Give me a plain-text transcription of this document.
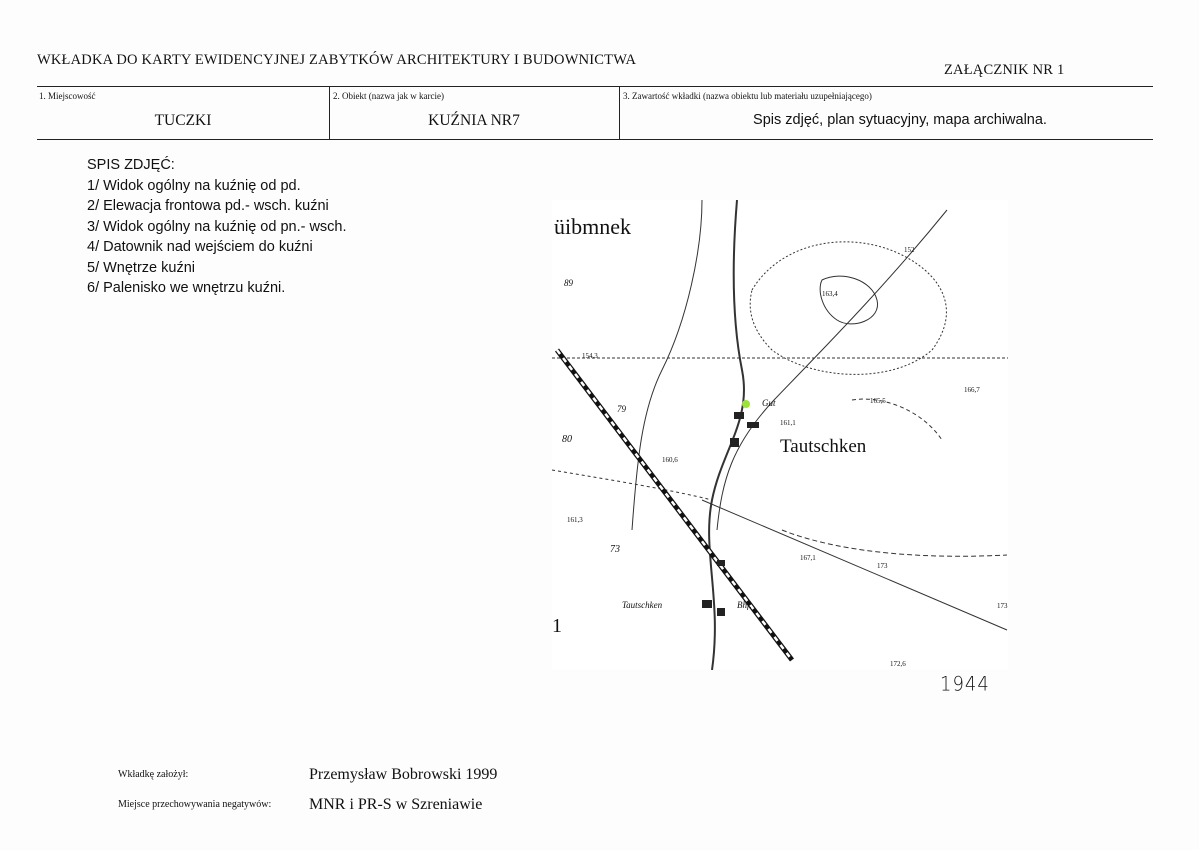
WKŁADKA DO KARTY EWIDENCYJNEJ ZABYTKÓW ARCHITEKTURY I BUDOWNICTWA
ZAŁĄCZNIK NR 1
1. Miejscowość	2. Obiekt (nazwa jak w karcie)	3. Zawartość wkładki (nazwa obiektu lub materiału uzupełniającego)
TUCZKI	KUŹNIA NR7	Spis zdjęć, plan sytuacyjny, mapa archiwalna.
SPIS ZDJĘĆ:
1/ Widok ogólny na kuźnię od pd.
2/ Elewacja frontowa pd.- wsch. kuźni
3/ Widok ogólny na kuźnię od pn.- wsch.
4/ Datownik nad wejściem do kuźni
5/ Wnętrze kuźni
6/ Palenisko we wnętrzu kuźni.
üibmnek
Tautschken
Tautschken	Bhf.
Gut
152
163,4
166,7
165,5
154,3
161,1
160,6
161,3
167,1
173
173
172,6
89
80
79
73
1
1944
Wkładkę założył:	Przemysław Bobrowski 1999
Miejsce przechowywania negatywów: MNR i PR-S w Szreniawie
